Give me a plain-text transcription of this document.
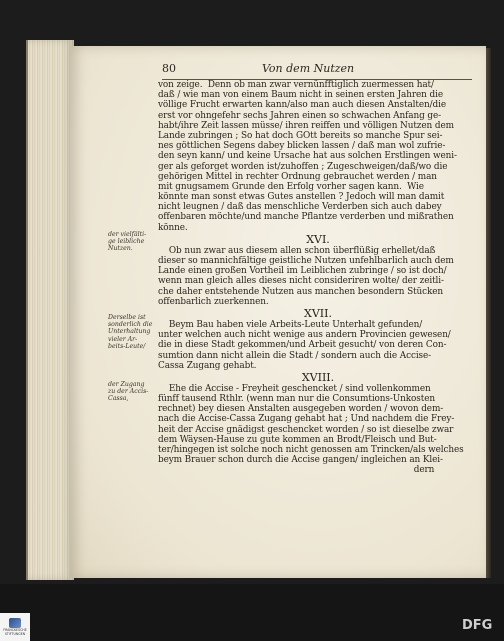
80	Von dem Nutzen
von zeige.  Denn ob man zwar vernünfftiglich zuermessen hat/
daß / wie man von einem Baum nicht in seinen ersten Jahren die
völlige Frucht erwarten kann/also man auch diesen Anstalten/die
erst vor ohngefehr sechs Jahren einen so schwachen Anfang ge-
habt/ihre Zeit lassen müsse/ ihren reiffen und völligen Nutzen dem
Lande zubringen ; So hat doch GOtt bereits so manche Spur sei-
nes göttlichen Segens dabey blicken lassen / daß man wol zufrie-
den seyn kann/ und keine Ursache hat aus solchen Erstlingen weni-
ger als geforget worden ist/zuhoffen ; Zugeschweigen/daß/wo die
gehörigen Mittel in rechter Ordnung gebrauchet werden / man
mit gnugsamem Grunde den Erfolg vorher sagen kann.  Wie
könnte man sonst etwas Gutes anstellen ? Jedoch will man damit
nicht leugnen / daß das menschliche Verderben sich auch dabey
offenbaren möchte/und manche Pflantze verderben und mißrathen
könne.
XVI.
Ob nun zwar aus diesem allen schon überflüßig erhellet/daß
dieser so mannichfältige geistliche Nutzen unfehlbarlich auch dem
Lande einen großen Vortheil im Leiblichen zubringe / so ist doch/
wenn man gleich alles dieses nicht consideriren wolte/ der zeitli-
che daher entstehende Nutzen aus manchen besondern Stücken
offenbarlich zuerkennen.
XVII.
Beym Bau haben viele Arbeits-Leute Unterhalt gefunden/
unter welchen auch nicht wenige aus andern Provincien gewesen/
die in diese Stadt gekommen/und Arbeit gesucht/ von deren Con-
sumtion dann nicht allein die Stadt / sondern auch die Accise-
Cassa Zugang gehabt.
XVIII.
Ehe die Accise - Freyheit geschencket / sind vollenkommen
fünff tausend Rthlr. (wenn man nur die Consumtions-Unkosten
rechnet) bey diesen Anstalten ausgegeben worden / wovon dem-
nach die Accise-Cassa Zugang gehabt hat ; Und nachdem die Frey-
heit der Accise gnädigst geschencket worden / so ist dieselbe zwar
dem Wäysen-Hause zu gute kommen an Brodt/Fleisch und But-
ter/hingegen ist solche noch nicht genossen am Trincken/als welches
beym Brauer schon durch die Accise gangen/ ingleichen an Klei-
dern
der vielfälti-
ge leibliche
Nutzen.
Derselbe ist
sonderlich die
Unterhaltung
vieler Ar-
beits-Leute/
der Zugang
zu der Accis-
Cassa,
FRANCKESCHE STIFTUNGEN
DFG
